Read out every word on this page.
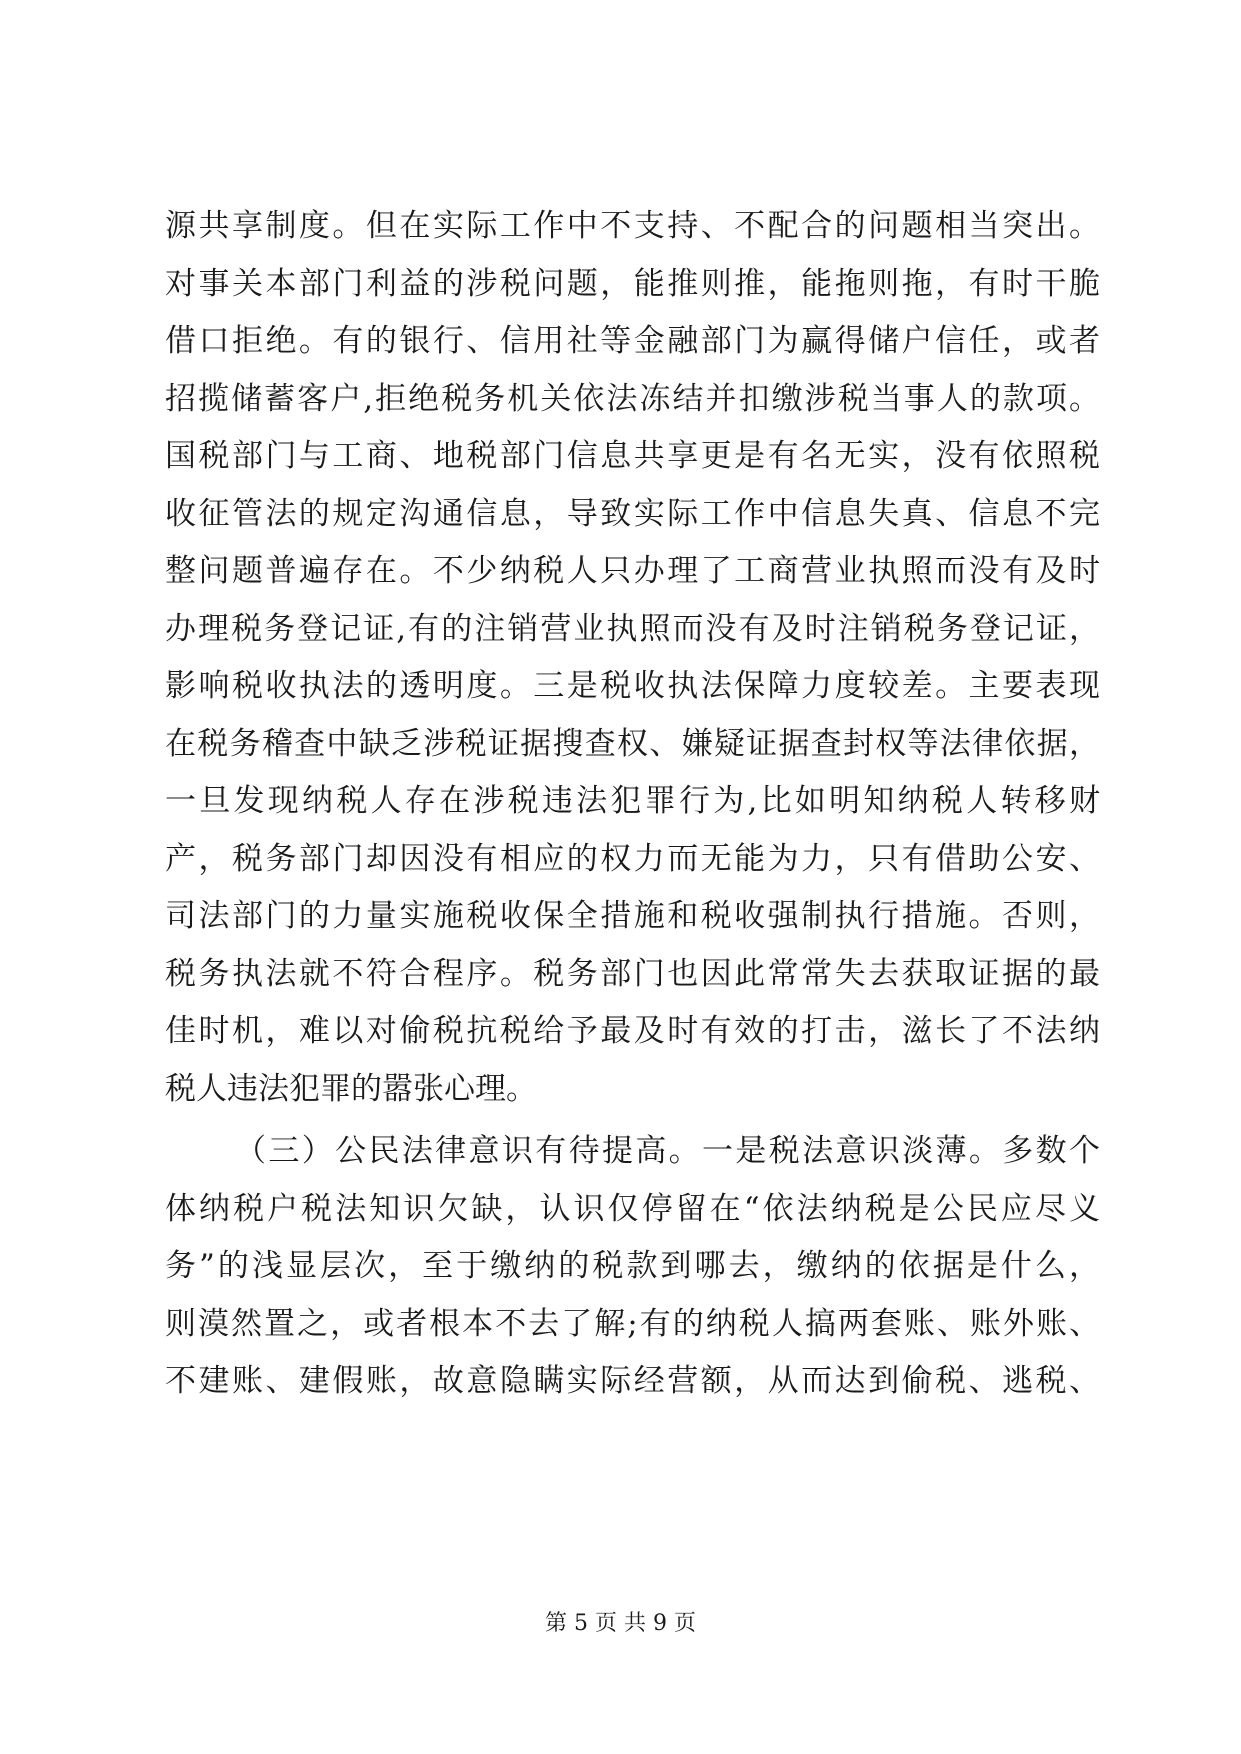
源共享制度。但在实际工作中不支持、不配合的问题相当突出。
对事关本部门利益的涉税问题，能推则推，能拖则拖，有时干脆
借口拒绝。有的银行、信用社等金融部门为赢得储户信任，或者
招揽储蓄客户,拒绝税务机关依法冻结并扣缴涉税当事人的款项。
国税部门与工商、地税部门信息共享更是有名无实，没有依照税
收征管法的规定沟通信息，导致实际工作中信息失真、信息不完
整问题普遍存在。不少纳税人只办理了工商营业执照而没有及时
办理税务登记证,有的注销营业执照而没有及时注销税务登记证，
影响税收执法的透明度。三是税收执法保障力度较差。主要表现
在税务稽查中缺乏涉税证据搜查权、嫌疑证据查封权等法律依据，
一旦发现纳税人存在涉税违法犯罪行为,比如明知纳税人转移财
产，税务部门却因没有相应的权力而无能为力，只有借助公安、
司法部门的力量实施税收保全措施和税收强制执行措施。否则，
税务执法就不符合程序。税务部门也因此常常失去获取证据的最
佳时机，难以对偷税抗税给予最及时有效的打击，滋长了不法纳
税人违法犯罪的嚣张心理。
（三）公民法律意识有待提高。一是税法意识淡薄。多数个
体纳税户税法知识欠缺，认识仅停留在“依法纳税是公民应尽义
务”的浅显层次，至于缴纳的税款到哪去，缴纳的依据是什么，
则漠然置之，或者根本不去了解;有的纳税人搞两套账、账外账、
不建账、建假账，故意隐瞒实际经营额，从而达到偷税、逃税、
第 5 页 共 9 页
